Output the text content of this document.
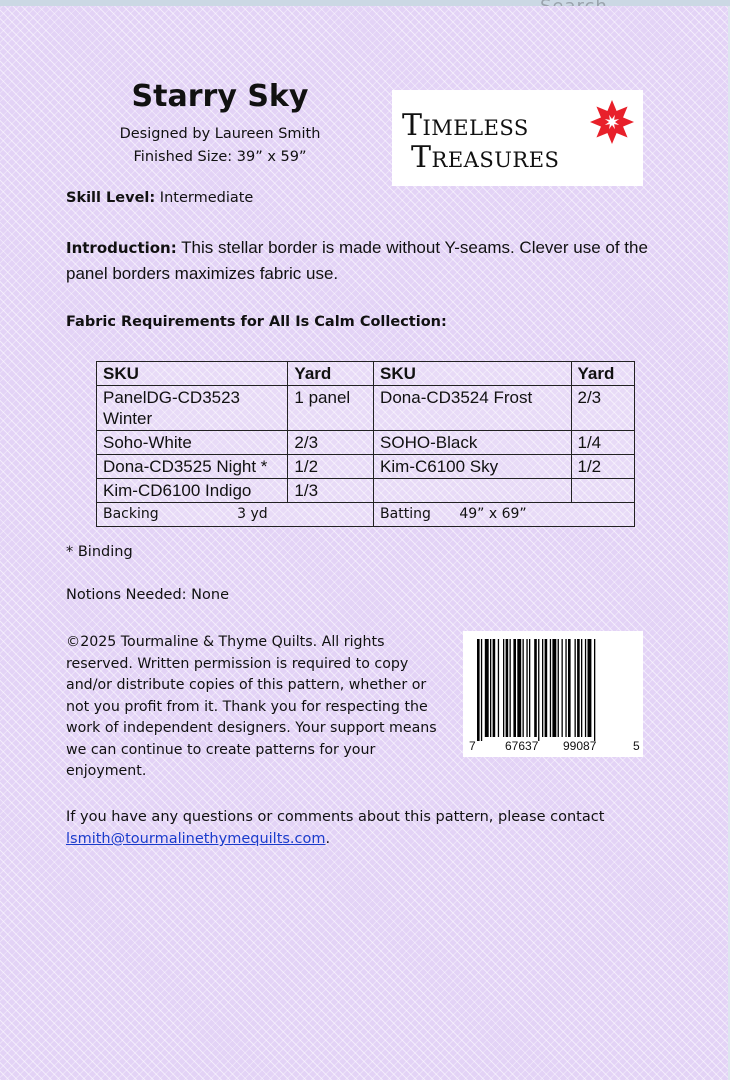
Starry Sky
Designed by Laureen Smith
Finished Size: 39” x 59”
Timeless
Treasures
Skill Level: Intermediate
Introduction: This stellar border is made without Y-seams. Clever use of the panel borders maximizes fabric use.
Fabric Requirements for All Is Calm Collection:
SKU	Yard	SKU	Yard
PanelDG-CD3523 Winter	1 panel	Dona-CD3524 Frost	2/3
Soho-White	2/3	SOHO-Black	1/4
Dona-CD3525 Night *	1/2	Kim-C6100 Sky	1/2
Kim-CD6100 Indigo	1/3		
Backing 3 yd		Batting 49” x 69”	
* Binding
Notions Needed: None
©2025 Tourmaline & Thyme Quilts. All rights reserved. Written permission is required to copy and/or distribute copies of this pattern, whether or not you profit from it. Thank you for respecting the work of independent designers. Your support means we can continue to create patterns for your enjoyment.
7 67637 99087	5
If you have any questions or comments about this pattern, please contact
lsmith@tourmalinethymequilts.com.
